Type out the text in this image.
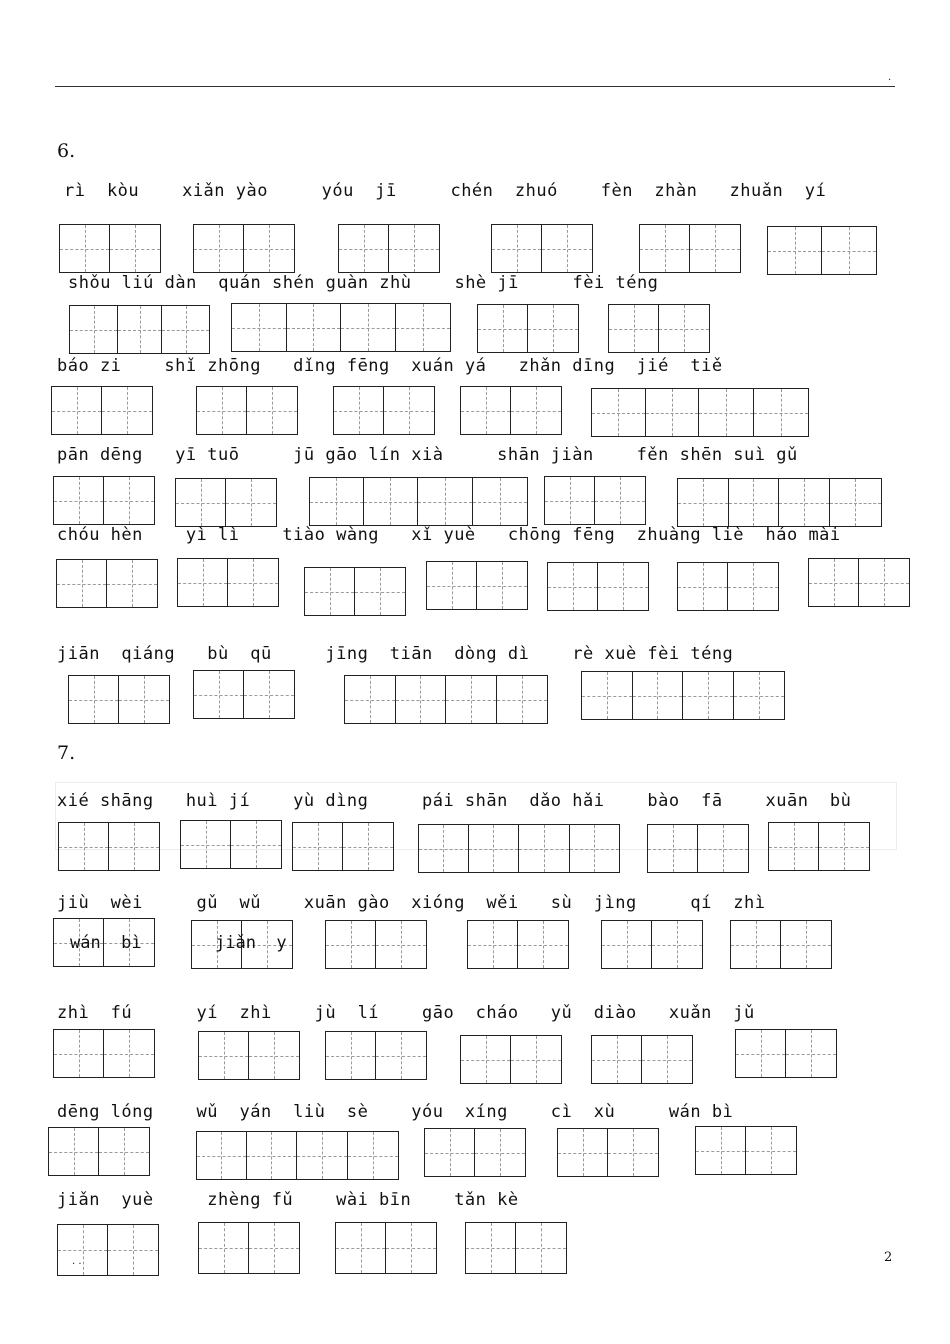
.
6.
rì  kòu    xiǎn yào     yóu  jī     chén  zhuó    fèn  zhàn   zhuǎn  yí
shǒu liú dàn  quán shén guàn zhù    shè jī     fèi téng
báo zi    shǐ zhōng   dǐng fēng  xuán yá   zhǎn dīng  jié  tiě
pān dēng   yī tuō     jū gāo lín xià     shān jiàn    fěn shēn suì gǔ
chóu hèn    yì lì    tiào wàng   xǐ yuè   chōng fēng  zhuàng liè  háo mài
jiān  qiáng   bù  qū     jīng  tiān  dòng dì    rè xuè fèi téng
7.
xié shāng   huì jí    yù dìng     pái shān  dǎo hǎi    bào  fā    xuān  bù
jiù  wèi     gǔ  wǔ    xuān gào  xióng  wěi   sù  jìng     qí  zhì
wán  bì	jiǎn  y
zhì  fú      yí  zhì    jù  lí    gāo  cháo   yǔ  diào   xuǎn  jǔ
dēng lóng    wǔ  yán  liù  sè    yóu  xíng    cì  xù     wán bì
jiǎn  yuè     zhèng fǔ    wài bīn    tǎn kè
. .	2
